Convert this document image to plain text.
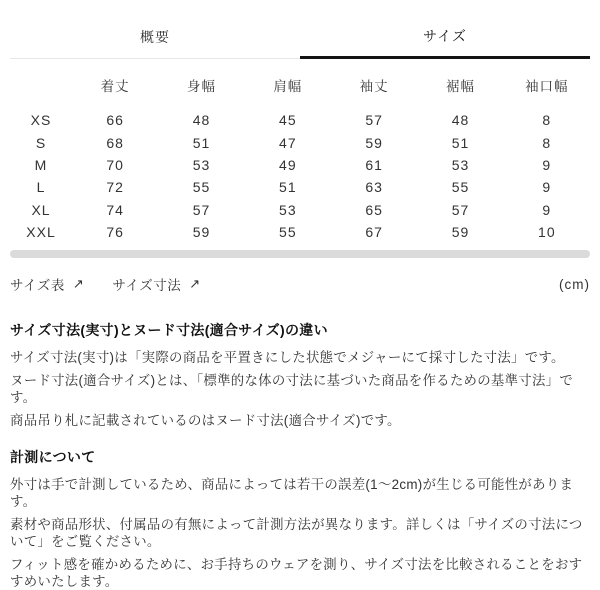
概要	サイズ
	着丈	身幅	肩幅	袖丈	裾幅	袖口幅
XS	66	48	45	57	48	8
S	68	51	47	59	51	8
M	70	53	49	61	53	9
L	72	55	51	63	55	9
XL	74	57	53	65	57	9
XXL	76	59	55	67	59	10
サイズ表 ↗ サイズ寸法 ↗	(cm)
サイズ寸法(実寸)とヌード寸法(適合サイズ)の違い

サイズ寸法(実寸)は「実際の商品を平置きにした状態でメジャーにて採寸した寸法」です。

ヌード寸法(適合サイズ)とは、「標準的な体の寸法に基づいた商品を作るための基準寸法」です。

商品吊り札に記載されているのはヌード寸法(適合サイズ)です。

計測について

外寸は手で計測しているため、商品によっては若干の誤差(1〜2cm)が生じる可能性があります。

素材や商品形状、付属品の有無によって計測方法が異なります。詳しくは「サイズの寸法について」をご覧ください。

フィット感を確かめるために、お手持ちのウェアを測り、サイズ寸法を比較されることをおすすめいたします。
